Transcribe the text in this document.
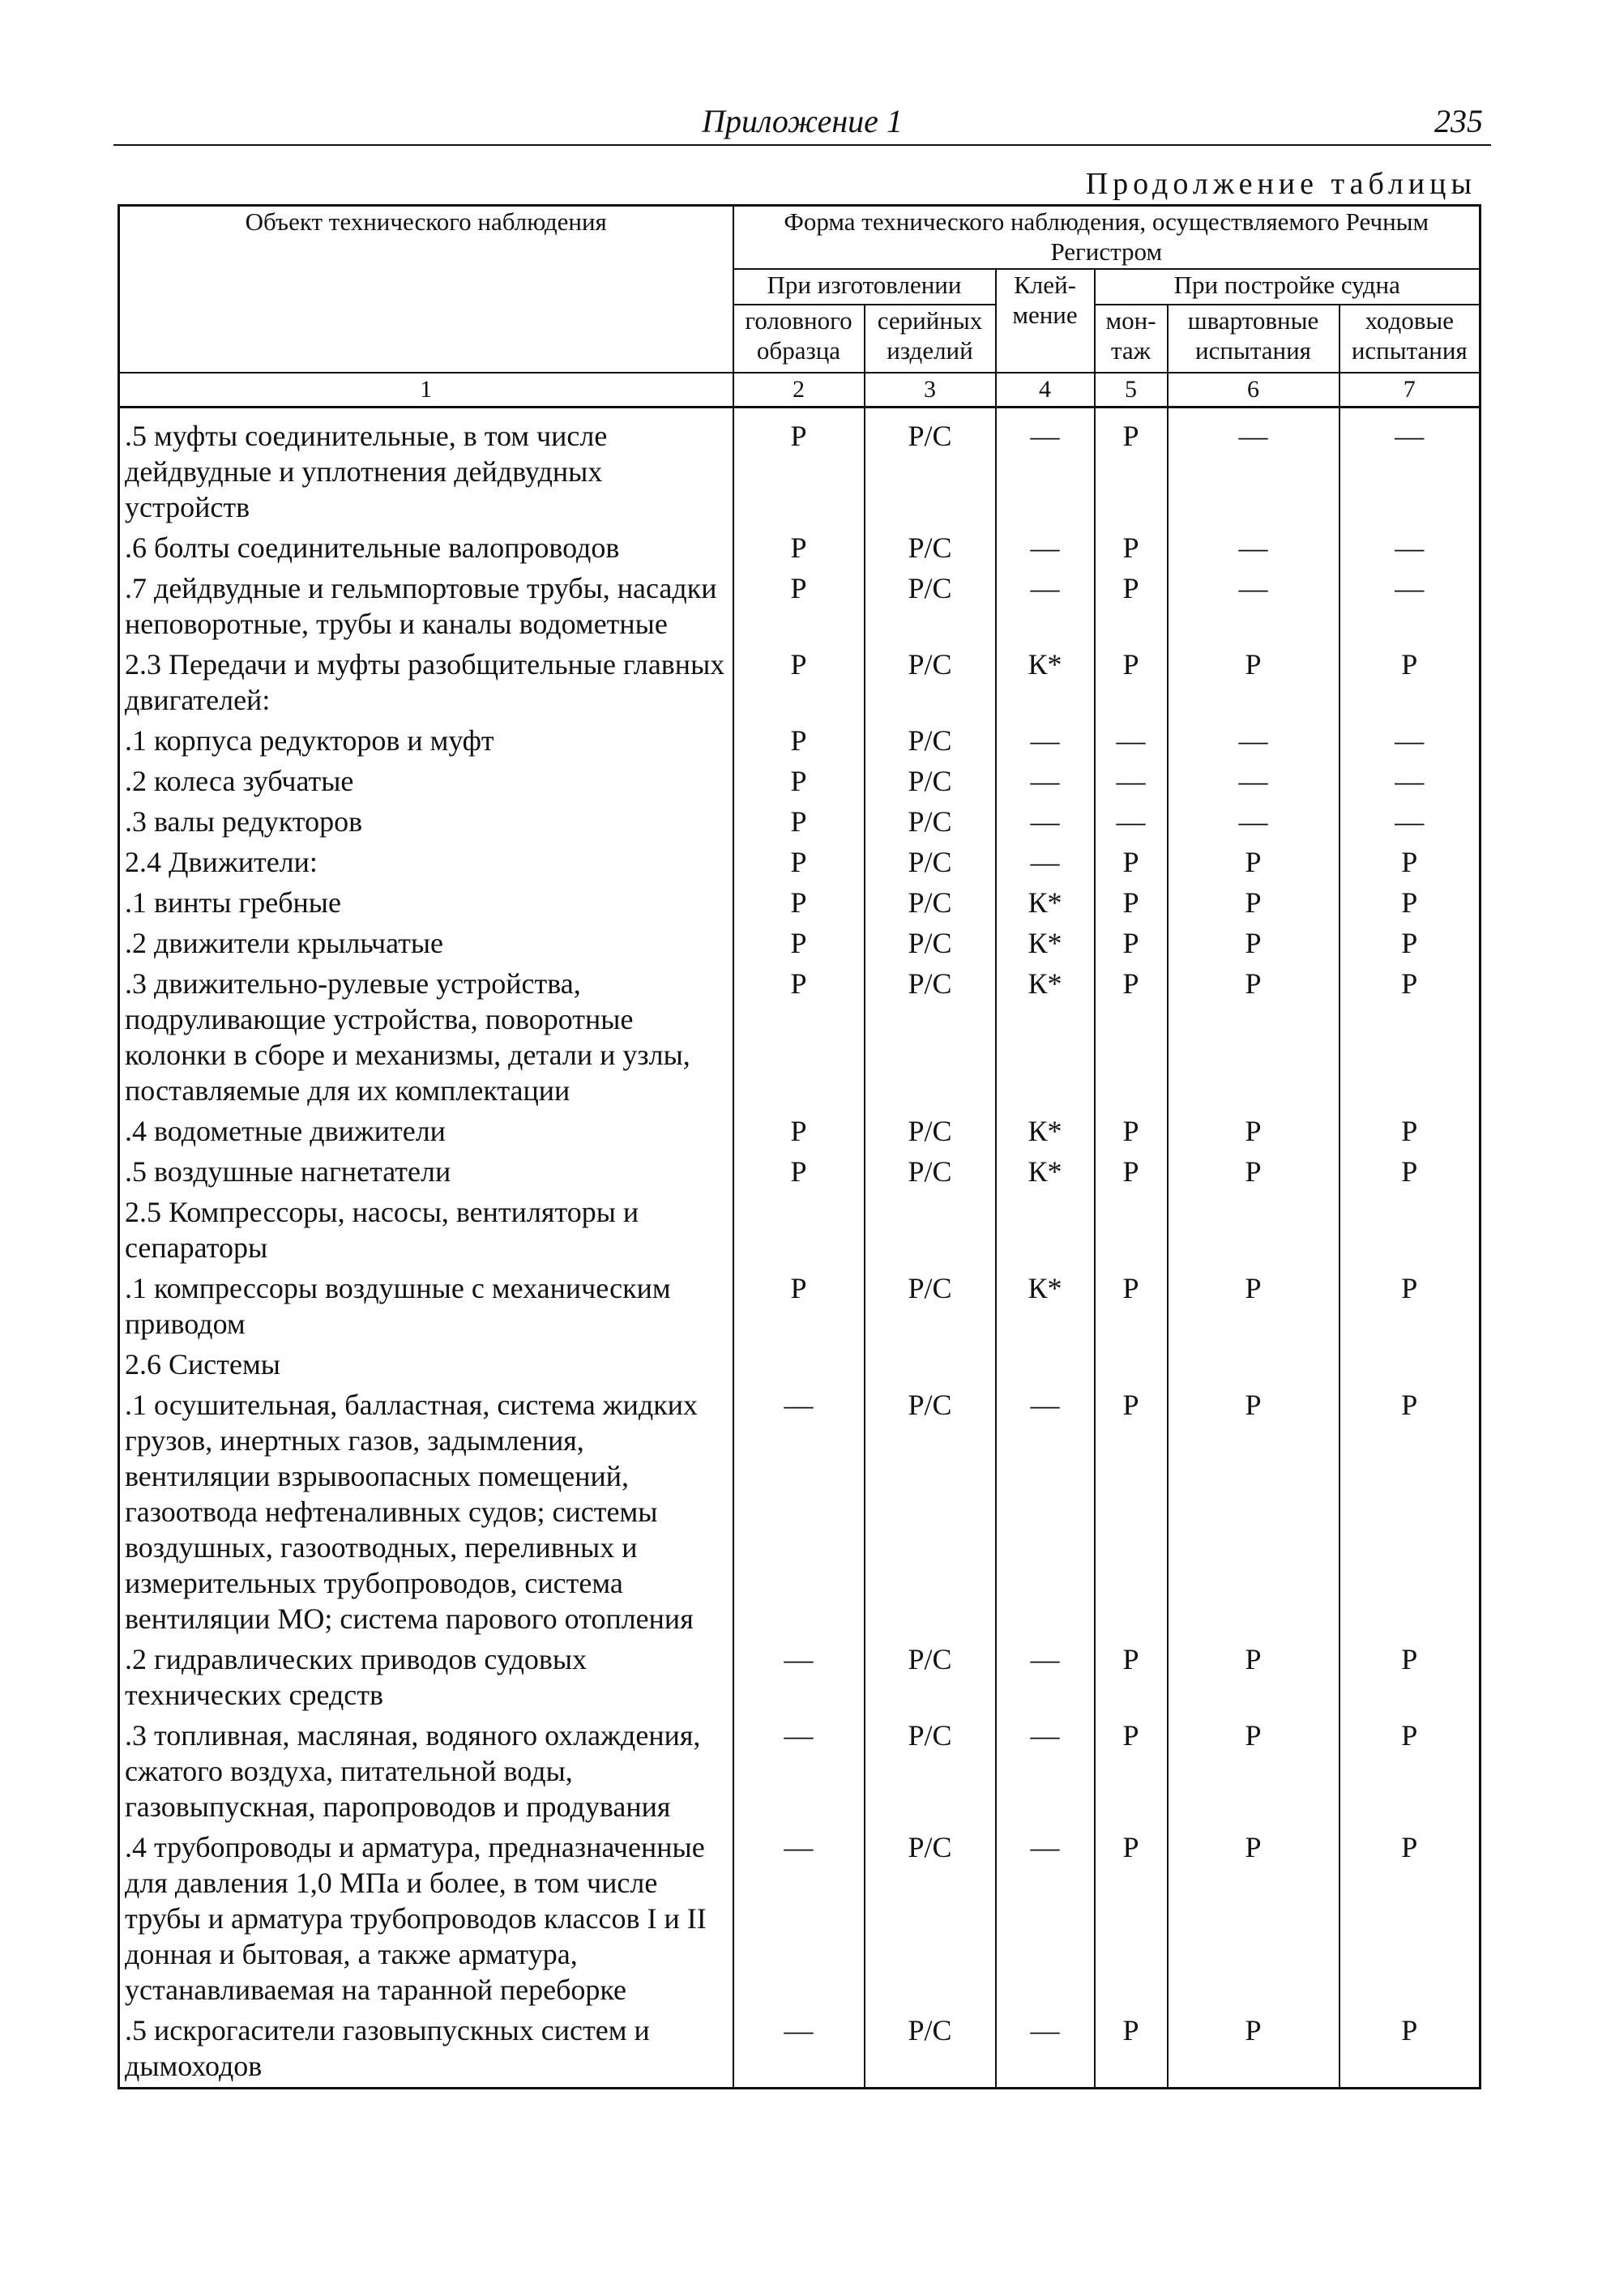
Приложение 1	235
Продолжение таблицы
Объект технического наблюдения	Форма технического наблюдения, осуществляемого Речным Регистром					
	При изготовлении		Клей-мение	При постройке судна		
	головного образца	серийных изделий		мон-таж	швартовные испытания	ходовые испытания
1	2	3	4	5	6	7
.5 муфты соединительные, в том числе дейдвудные и уплотнения дейдвудных устройств	Р	Р/С	—	Р	—	—
.6 болты соединительные валопроводов	Р	Р/С	—	Р	—	—
.7 дейдвудные и гельмпортовые трубы, насадки неповоротные, трубы и каналы водометные	Р	Р/С	—	Р	—	—
2.3 Передачи и муфты разобщительные главных двигателей:	Р	Р/С	К*	Р	Р	Р
.1 корпуса редукторов и муфт	Р	Р/С	—	—	—	—
.2 колеса зубчатые	Р	Р/С	—	—	—	—
.3 валы редукторов	Р	Р/С	—	—	—	—
2.4 Движители:	Р	Р/С	—	Р	Р	Р
.1 винты гребные	Р	Р/С	К*	Р	Р	Р
.2 движители крыльчатые	Р	Р/С	К*	Р	Р	Р
.3 движительно-рулевые устройства, подруливающие устройства, поворотные колонки в сборе и механизмы, детали и узлы, поставляемые для их комплектации	Р	Р/С	К*	Р	Р	Р
.4 водометные движители	Р	Р/С	К*	Р	Р	Р
.5 воздушные нагнетатели	Р	Р/С	К*	Р	Р	Р
2.5 Компрессоры, насосы, вентиляторы и сепараторы						
.1 компрессоры воздушные с механическим приводом	Р	Р/С	К*	Р	Р	Р
2.6 Системы						
.1 осушительная, балластная, система жидких грузов, инертных газов, задымления, вентиляции взрывоопасных помещений, газоотвода нефтеналивных судов; системы воздушных, газоотводных, переливных и измерительных трубопроводов, система вентиляции МО; система парового отопления	—	Р/С	—	Р	Р	Р
.2 гидравлических приводов судовых технических средств	—	Р/С	—	Р	Р	Р
.3 топливная, масляная, водяного охлаждения, сжатого воздуха, питательной воды, газовыпускная, паропроводов и продувания	—	Р/С	—	Р	Р	Р
.4 трубопроводы и арматура, предназначенные для давления 1,0 МПа и более, в том числе трубы и арматура трубопроводов классов I и II донная и бытовая, а также арматура, устанавливаемая на таранной переборке	—	Р/С	—	Р	Р	Р
.5 искрогасители газовыпускных систем и дымоходов	—	Р/С	—	Р	Р	Р
